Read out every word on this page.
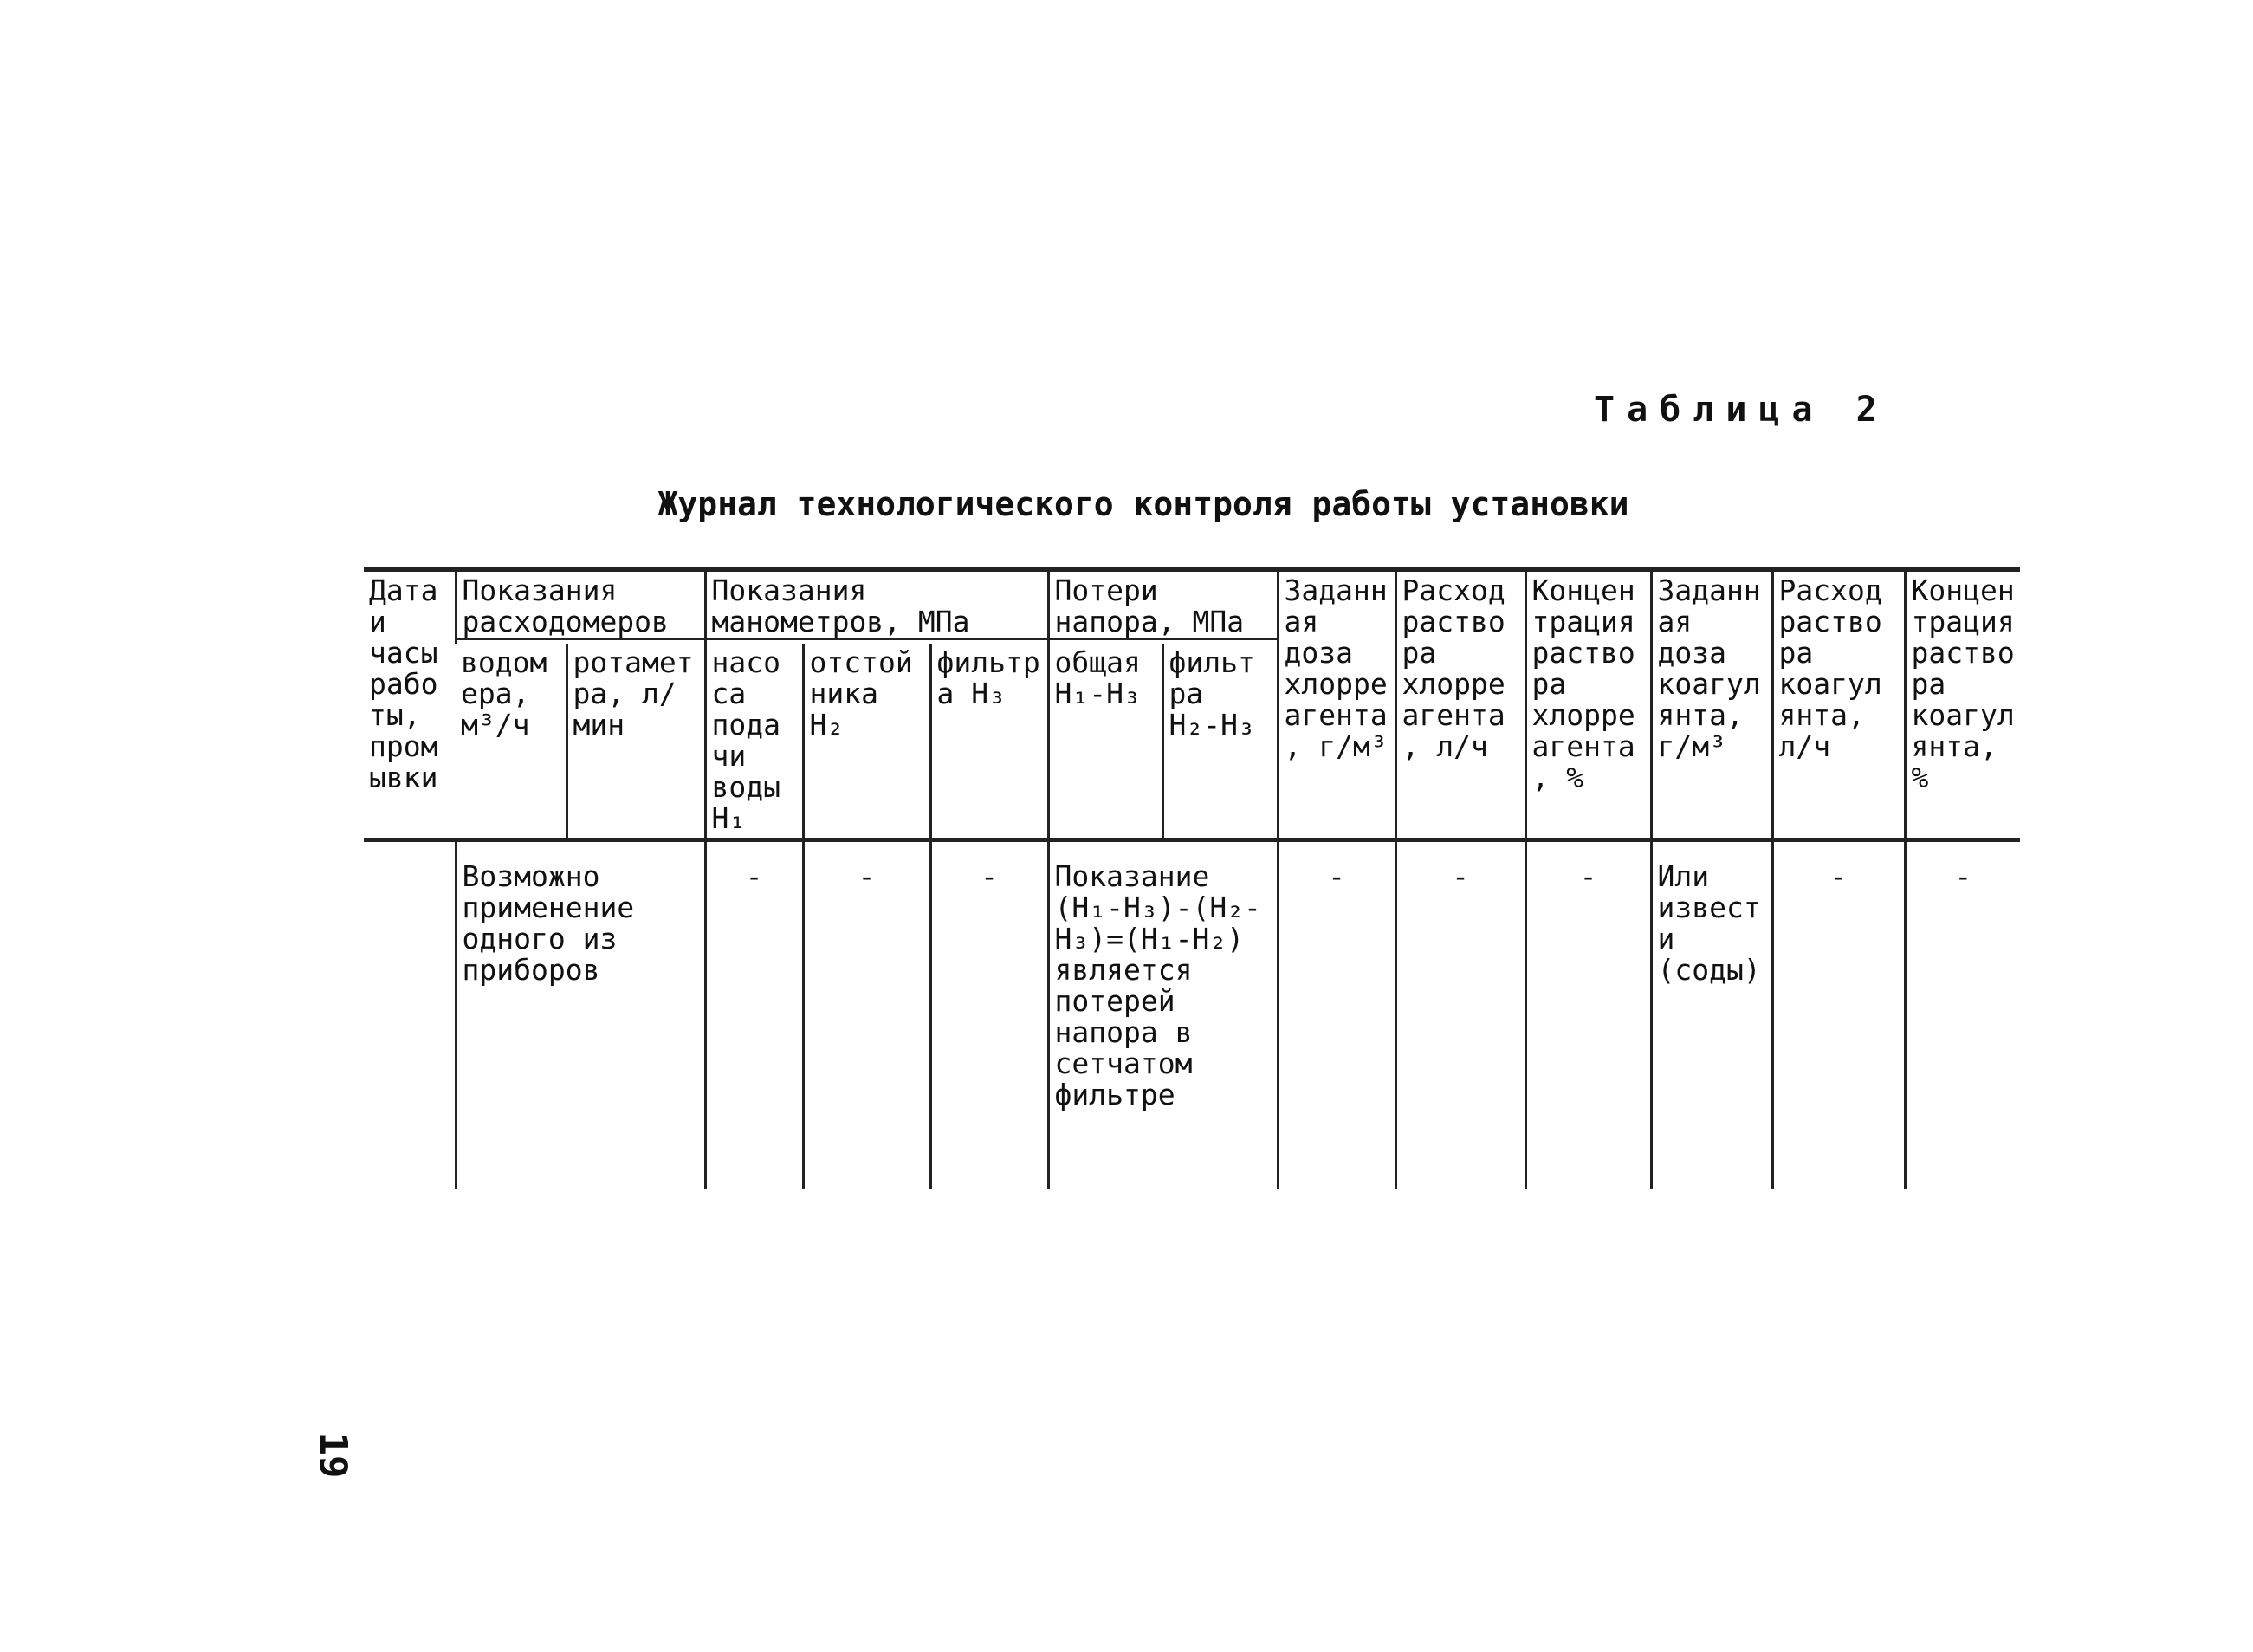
Таблица 2
Журнал технологического контроля работы установки
Дата и часы работы, промывки	Показания расходомеров		Показания манометров, МПа			Потери напора, МПа		Заданная доза хлорреагента, г/м³	Расход раствора хлорреагента, л/ч	Концентрация раствора хлорреагента, %	Заданная доза коагулянта, г/м³	Расход раствора коагулянта, л/ч	Концентрация раствора коагулянта, %
	водомера, м³/ч	ротаметра, л/мин	насоса подачи воды H₁	отстойника H₂	фильтра H₃	общая H₁-H₃	фильтра H₂-H₃						
	Возможно применение одного из приборов		-	-	-	Показание (H₁-H₃)-(H₂-H₃)=(H₁-H₂) является потерей напора в сетчатом фильтре		-	-	-	Или извести (соды)	-	-
19
